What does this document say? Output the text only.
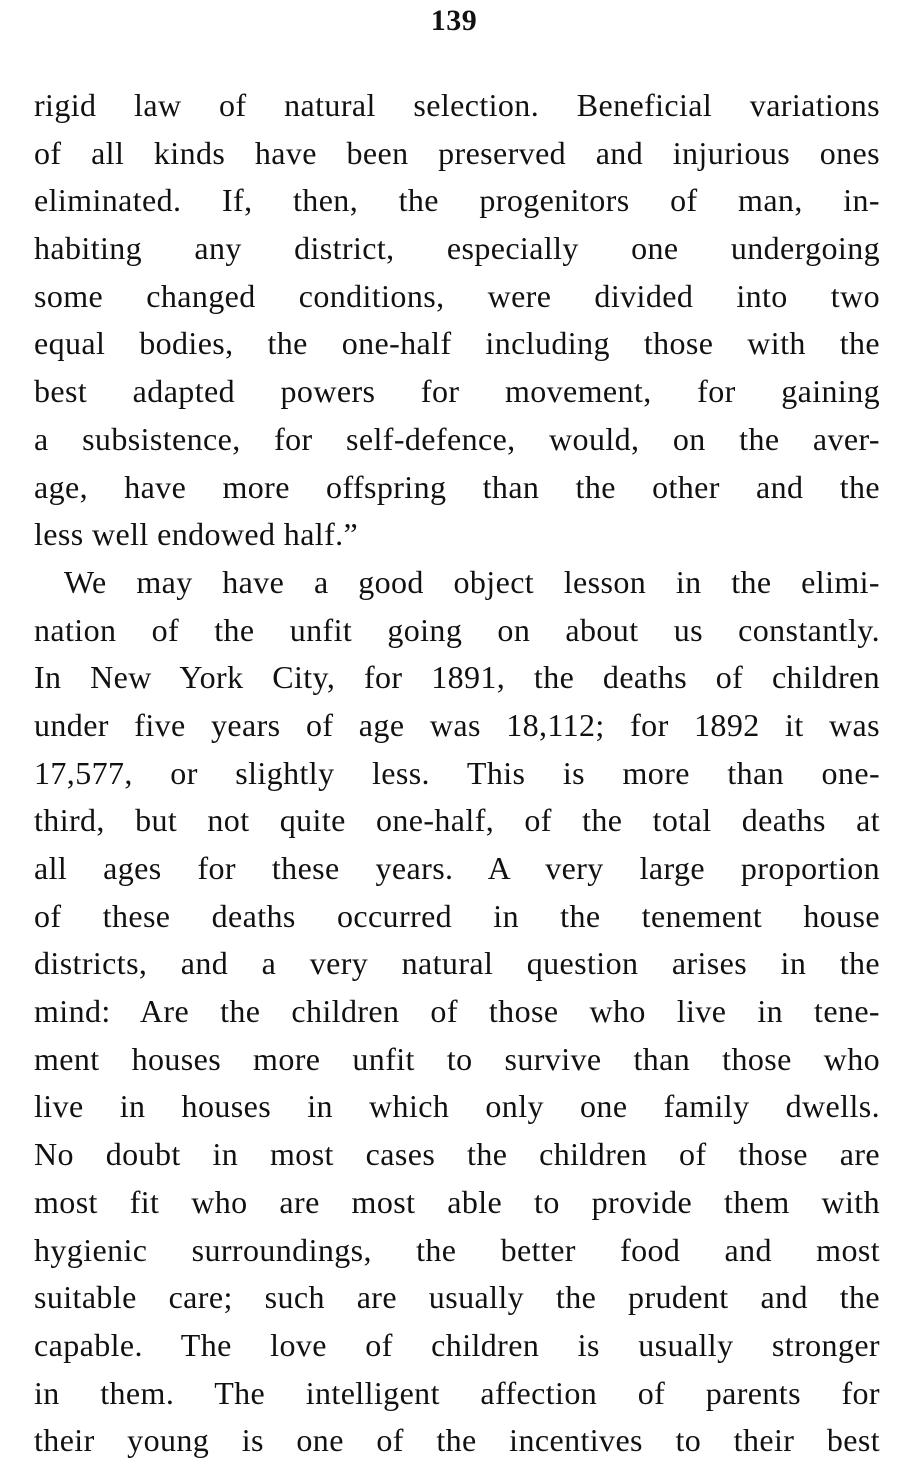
139
rigid law of natural selection. Beneficial variations
of all kinds have been preserved and injurious ones
eliminated. If, then, the progenitors of man, in-
habiting any district, especially one undergoing
some changed conditions, were divided into two
equal bodies, the one-half including those with the
best adapted powers for movement, for gaining
a subsistence, for self-defence, would, on the aver-
age, have more offspring than the other and the
less well endowed half.”
We may have a good object lesson in the elimi-
nation of the unfit going on about us constantly.
In New York City, for 1891, the deaths of children
under five years of age was 18,112; for 1892 it was
17,577, or slightly less. This is more than one-
third, but not quite one-half, of the total deaths at
all ages for these years. A very large proportion
of these deaths occurred in the tenement house
districts, and a very natural question arises in the
mind: Are the children of those who live in tene-
ment houses more unfit to survive than those who
live in houses in which only one family dwells.
No doubt in most cases the children of those are
most fit who are most able to provide them with
hygienic surroundings, the better food and most
suitable care; such are usually the prudent and the
capable. The love of children is usually stronger
in them. The intelligent affection of parents for
their young is one of the incentives to their best
